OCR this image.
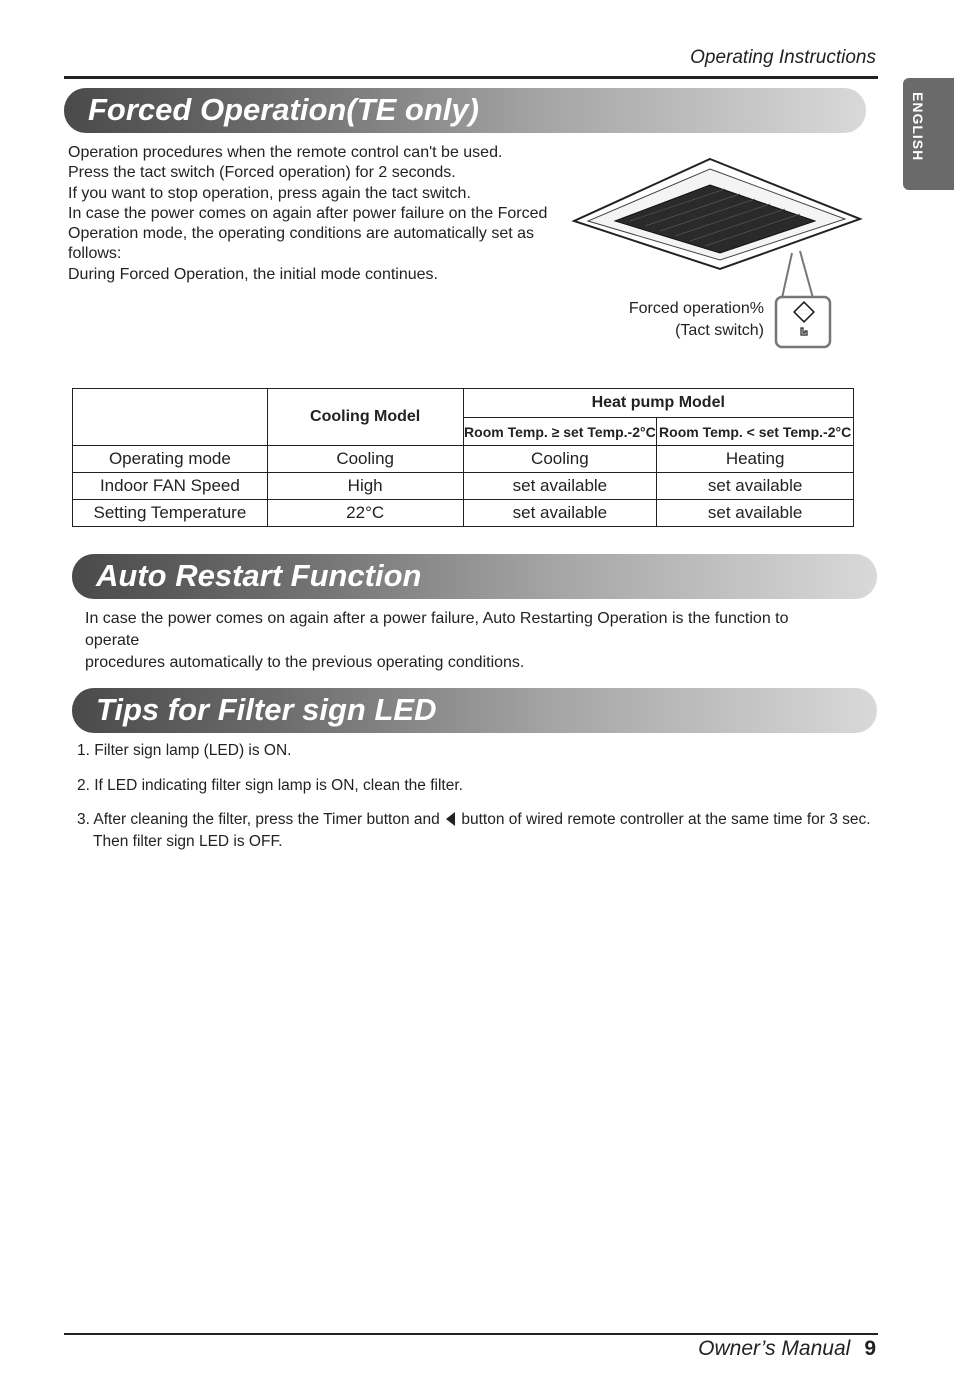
Operating Instructions
ENGLISH
Forced Operation(TE only)

Operation procedures when the remote control can't be used.

Press the tact switch (Forced operation) for 2 seconds.

If you want to stop operation, press again the tact switch.

In case the power comes on again after power failure on the Forced

Operation mode, the operating conditions are automatically set as

follows:

During Forced Operation, the initial mode continues.

Forced operation%
(Tact switch)
	Cooling Model	Heat pump Model	
		Room Temp. ≥ set Temp.-2°C	Room Temp. < set Temp.-2°C
Operating mode	Cooling	Cooling	Heating
Indoor FAN Speed	High	set available	set available
Setting Temperature	22°C	set available	set available
Auto Restart Function

In case the power comes on again after a power failure, Auto Restarting Operation is the function to operate

procedures automatically to the previous operating conditions.

Tips for Filter sign LED
1. Filter sign lamp (LED) is ON.
2. If LED indicating filter sign lamp is ON, clean the filter.
3. After cleaning the filter, press the Timer button and button of wired remote controller at the same time for 3 sec.
Then filter sign LED is OFF.
Owner’s Manual 9
